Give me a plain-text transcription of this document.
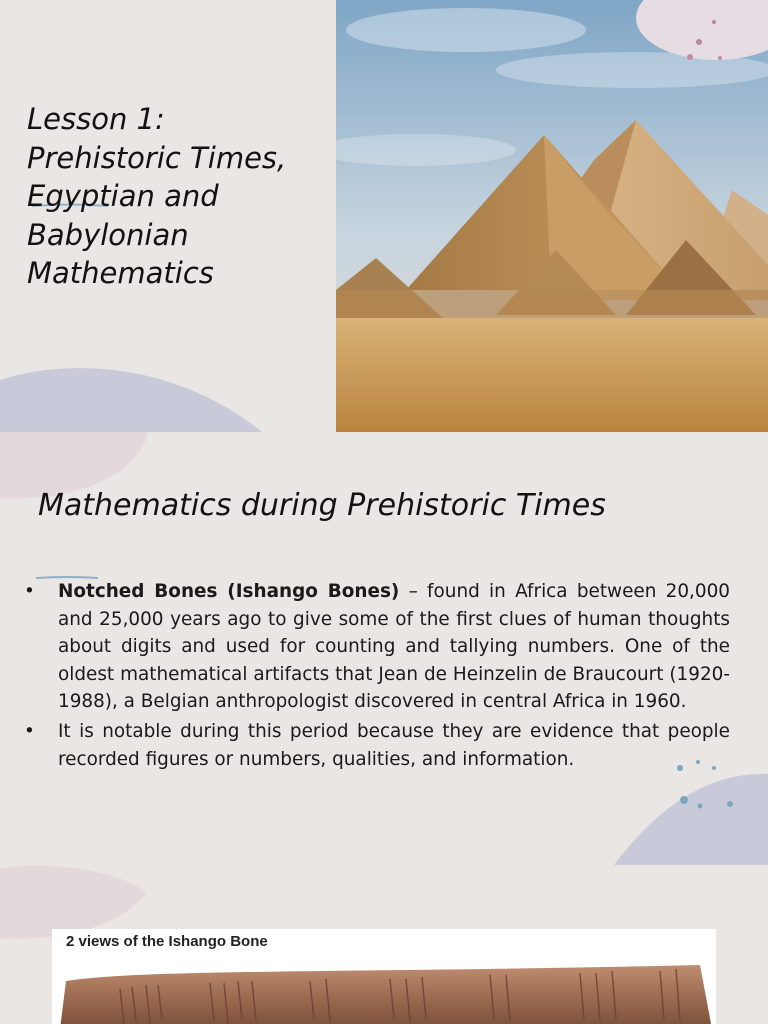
Lesson 1: Prehistoric Times, Egyptian and Babylonian Mathematics
Mathematics during Prehistoric Times
• Notched Bones (Ishango Bones) – found in Africa between 20,000 and 25,000 years ago to give some of the first clues of human thoughts about digits and used for counting and tallying numbers. One of the oldest mathematical artifacts that Jean de Heinzelin de Braucourt (1920-1988), a Belgian anthropologist discovered in central Africa in 1960.
• It is notable during this period because they are evidence that people recorded figures or numbers, qualities, and information.
2 views of the Ishango Bone
